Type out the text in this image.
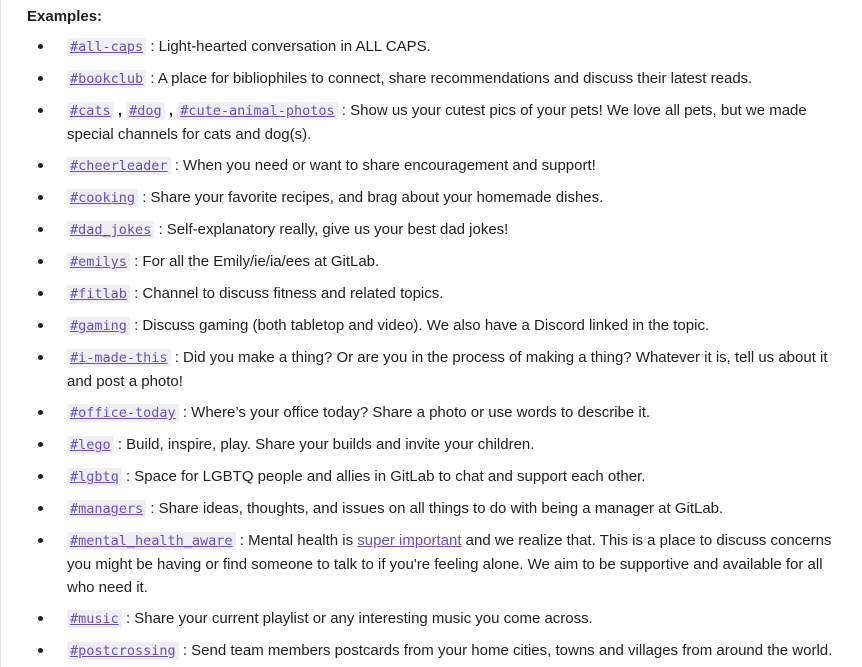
Examples:
#all-caps : Light-hearted conversation in ALL CAPS.
#bookclub : A place for bibliophiles to connect, share recommendations and discuss their latest reads.
#cats , #dog , #cute-animal-photos : Show us your cutest pics of your pets! We love all pets, but we made special channels for cats and dog(s).
#cheerleader : When you need or want to share encouragement and support!
#cooking : Share your favorite recipes, and brag about your homemade dishes.
#dad_jokes : Self-explanatory really, give us your best dad jokes!
#emilys : For all the Emily/ie/ia/ees at GitLab.
#fitlab : Channel to discuss fitness and related topics.
#gaming : Discuss gaming (both tabletop and video). We also have a Discord linked in the topic.
#i-made-this : Did you make a thing? Or are you in the process of making a thing? Whatever it is, tell us about it and post a photo!
#office-today : Where’s your office today? Share a photo or use words to describe it.
#lego : Build, inspire, play. Share your builds and invite your children.
#lgbtq : Space for LGBTQ people and allies in GitLab to chat and support each other.
#managers : Share ideas, thoughts, and issues on all things to do with being a manager at GitLab.
#mental_health_aware : Mental health is super important and we realize that. This is a place to discuss concerns you might be having or find someone to talk to if you're feeling alone. We aim to be supportive and available for all who need it.
#music : Share your current playlist or any interesting music you come across.
#postcrossing : Send team members postcards from your home cities, towns and villages from around the world.
